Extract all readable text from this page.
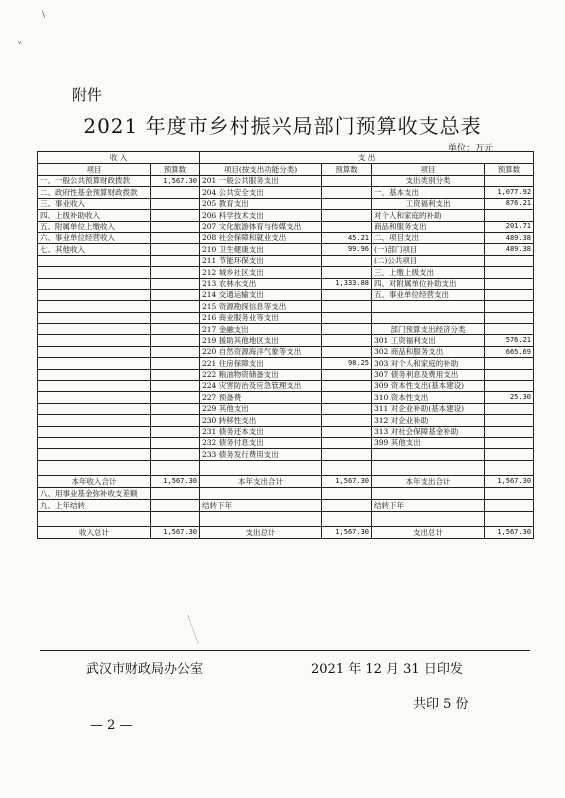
\
ᵛ
附件
2021 年度市乡村振兴局部门预算收支总表
单位：万元
收 入		支 出			
项目	预算数	项目(按支出功能分类)	预算数	项目	预算数
一、一般公共预算财政拨款	1,567.30	201 一般公共服务支出		支出类别分类	
二、政府性基金预算财政拨款		204 公共安全支出		一、基本支出	1,077.92
三、事业收入		205 教育支出		工资福利支出	876.21
四、上级补助收入		206 科学技术支出		对个人和家庭的补助	
五、附属单位上缴收入		207 文化旅游体育与传媒支出		商品和服务支出	201.71
六、事业单位经营收入		208 社会保障和就业支出	45.21	二、项目支出	489.38
七、其他收入		210 卫生健康支出	99.96	(一)部门项目	489.38
		211 节能环保支出		(二)公共项目	
		212 城乡社区支出		三、上缴上级支出	
		213 农林水支出	1,333.88	四、对附属单位补助支出	
		214 交通运输支出		五、事业单位经营支出	
		215 资源勘探信息等支出			
		216 商业服务业等支出			
		217 金融支出		部门预算支出经济分类	
		219 援助其他地区支出		301 工资福利支出	576.21
		220 自然资源海洋气象等支出		302 商品和服务支出	665.69
		221 住房保障支出	98.25	303 对个人和家庭的补助	
		222 粮油物资储备支出		307 债务利息及费用支出	
		224 灾害防治及应急管理支出		309 资本性支出(基本建设)	
		227 预备费		310 资本性支出	25.30
		229 其他支出		311 对企业补助(基本建设)	
		230 转移性支出		312 对企业补助	
		231 债务还本支出		313 对社会保障基金补助	
		232 债务付息支出		399 其他支出	
		233 债务发行费用支出			

本年收入合计	1,567.30	本年支出合计	1,567.30	本年支出合计	1,567.30
八、用事业基金弥补收支差额					
九、上年结转		结转下年		结转下年	

收入总计	1,567.30	支出总计	1,567.30	支出总计	1,567.30
武汉市财政局办公室	2021 年 12 月 31 日印发
共印 5 份
— 2 —
